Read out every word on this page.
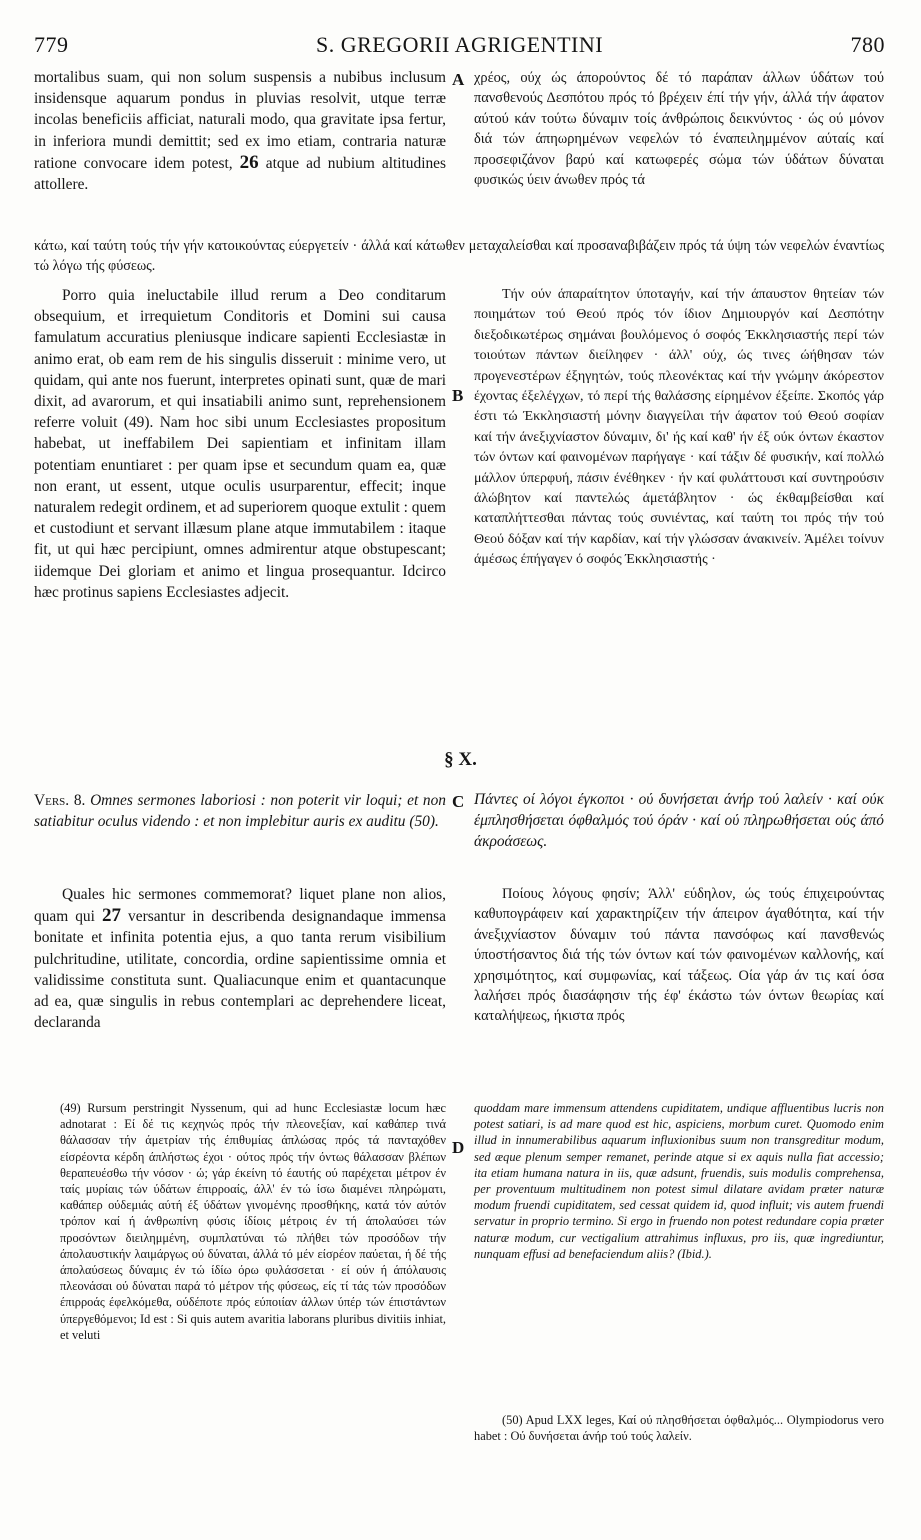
779	S. GREGORII AGRIGENTINI	780
A
B
C
D

mortalibus suam, qui non solum suspensis a nubibus inclusum insidensque aquarum pondus in pluvias resolvit, utque terræ incolas beneficiis afficiat, naturali modo, qua gravitate ipsa fertur, in inferiora mundi demittit; sed ex imo etiam, contraria naturæ ratione convocare idem potest, 26 atque ad nubium altitudines attollere.

χρέος, ούχ ώς άπορούντος δέ τό παράπαν άλλων ύδάτων τού πανσθενούς Δεσπότου πρός τό βρέχειν έπί τήν γήν, άλλά τήν άφατον αύτού κάν τούτω δύναμιν τοίς άνθρώποις δεικνύντος · ώς ού μόνον διά τών άπηωρημένων νεφελών τό έναπειλημμένον αύταίς καί προσεφιζάνον βαρύ καί κατωφερές σώμα τών ύδάτων δύναται φυσικώς ύειν άνωθεν πρός τά

κάτω, καί ταύτη τούς τήν γήν κατοικούντας εύεργετείν · άλλά καί κάτωθεν μεταχαλείσθαι καί προσαναβιβάζειν πρός τά ύψη τών νεφελών έναντίως τώ λόγω τής φύσεως.

Porro quia ineluctabile illud rerum a Deo conditarum obsequium, et irrequietum Conditoris et Domini sui causa famulatum accuratius pleniusque indicare sapienti Ecclesiastæ in animo erat, ob eam rem de his singulis disseruit : minime vero, ut quidam, qui ante nos fuerunt, interpretes opinati sunt, quæ de mari dixit, ad avarorum, et qui insatiabili animo sunt, reprehensionem referre voluit (49). Nam hoc sibi unum Ecclesiastes propositum habebat, ut ineffabilem Dei sapientiam et infinitam illam potentiam enuntiaret : per quam ipse et secundum quam ea, quæ non erant, ut essent, utque oculis usurparentur, effecit; inque naturalem redegit ordinem, et ad superiorem quoque extulit : quem et custodiunt et servant illæsum plane atque immutabilem : itaque fit, ut qui hæc percipiunt, omnes admirentur atque obstupescant; iidemque Dei gloriam et animo et lingua prosequantur. Idcirco hæc protinus sapiens Ecclesiastes adjecit.

Τήν ούν άπαραίτητον ύποταγήν, καί τήν άπαυστον θητείαν τών ποιημάτων τού Θεού πρός τόν ίδιον Δημιουργόν καί Δεσπότην διεξοδικωτέρως σημάναι βουλόμενος ό σοφός Έκκλησιαστής περί τών τοιούτων πάντων διείληφεν · άλλ' ούχ, ώς τινες ώήθησαν τών προγενεστέρων έξηγητών, τούς πλεονέκτας καί τήν γνώμην άκόρεστον έχοντας έξελέγχων, τό περί τής θαλάσσης είρημένον έξείπε. Σκοπός γάρ έστι τώ Έκκλησιαστή μόνην διαγγείλαι τήν άφατον τού Θεού σοφίαν καί τήν άνεξιχνίαστον δύναμιν, δι' ής καί καθ' ήν έξ ούκ όντων έκαστον τών όντων καί φαινομένων παρήγαγε · καί τάξιν δέ φυσικήν, καί πολλώ μάλλον ύπερφυή, πάσιν ένέθηκεν · ήν καί φυλάττουσι καί συντηρούσιν άλώβητον καί παντελώς άμετάβλητον · ώς έκθαμβείσθαι καί καταπλήττεσθαι πάντας τούς συνιέντας, καί ταύτη τοι πρός τήν τού Θεού δόξαν καί τήν καρδίαν, καί τήν γλώσσαν άνακινείν. Άμέλει τοίνυν άμέσως έπήγαγεν ό σοφός Έκκλησιαστής ·

§ X.

Vers. 8. Omnes sermones laboriosi : non poterit vir loqui; et non satiabitur oculus videndo : et non implebitur auris ex auditu (50).

Πάντες οί λόγοι έγκοποι · ού δυνήσεται άνήρ τού λαλείν · καί ούκ έμπλησθήσεται όφθαλμός τού όράν · καί ού πληρωθήσεται ούς άπό άκροάσεως.

Quales hic sermones commemorat? liquet plane non alios, quam qui 27 versantur in describenda designandaque immensa bonitate et infinita potentia ejus, a quo tanta rerum visibilium pulchritudine, utilitate, concordia, ordine sapientissime omnia et validissime constituta sunt. Qualiacunque enim et quantacunque ad ea, quæ singulis in rebus contemplari ac deprehendere liceat, declaranda

Ποίους λόγους φησίν; Άλλ' εύδηλον, ώς τούς έπιχειρούντας καθυπογράφειν καί χαρακτηρίζειν τήν άπειρον άγαθότητα, καί τήν άνεξιχνίαστον δύναμιν τού πάντα πανσόφως καί πανσθενώς ύποστήσαντος διά τής τών όντων καί τών φαινομένων καλλονής, καί χρησιμότητος, καί συμφωνίας, καί τάξεως. Οία γάρ άν τις καί όσα λαλήσει πρός διασάφησιν τής έφ' έκάστω τών όντων θεωρίας καί καταλήψεως, ήκιστα πρός

(49) Rursum perstringit Nyssenum, qui ad hunc Ecclesiastæ locum hæc adnotarat : Εί δέ τις κεχηνώς πρός τήν πλεονεξίαν, καί καθάπερ τινά θάλασσαν τήν άμετρίαν τής έπιθυμίας άπλώσας πρός τά πανταχόθεν είσρέοντα κέρδη άπλήστως έχοι · ούτος πρός τήν όντως θάλασσαν βλέπων θεραπευέσθω τήν νόσον · ώ; γάρ έκείνη τό έαυτής ού παρέχεται μέτρον έν ταίς μυρίαις τών ύδάτων έπιρροαίς, άλλ' έν τώ ίσω διαμένει πληρώματι, καθάπερ ούδεμιάς αύτή έξ ύδάτων γινομένης προσθήκης, κατά τόν αύτόν τρόπον καί ή άνθρωπίνη φύσις ίδίοις μέτροις έν τή άπολαύσει τών προσόντων διειλημμένη, συμπλατύναι τώ πλήθει τών προσόδων τήν άπολαυστικήν λαιμάργως ού δύναται, άλλά τό μέν είσρέον παύεται, ή δέ τής άπολαύσεως δύναμις έν τώ ίδίω όρω φυλάσσεται · εί ούν ή άπόλαυσις πλεονάσαι ού δύναται παρά τό μέτρον τής φύσεως, είς τί τάς τών προσόδων έπιρροάς έφελκόμεθα, ούδέποτε πρός εύποιίαν άλλων ύπέρ τών έπιστάντων ύπεργεθόμενοι; Id est : Si quis autem avaritia laborans pluribus divitiis inhiat, et veluti

quoddam mare immensum attendens cupiditatem, undique affluentibus lucris non potest satiari, is ad mare quod est hic, aspiciens, morbum curet. Quomodo enim illud in innumerabilibus aquarum influxionibus suum non transgreditur modum, sed æque plenum semper remanet, perinde atque si ex aquis nulla fiat accessio; ita etiam humana natura in iis, quæ adsunt, fruendis, suis modulis comprehensa, per proventuum multitudinem non potest simul dilatare avidam præter naturæ modum fruendi cupiditatem, sed cessat quidem id, quod influit; vis autem fruendi servatur in proprio termino. Si ergo in fruendo non potest redundare copia præter naturæ modum, cur vectigalium attrahimus influxus, pro iis, quæ ingrediuntur, nunquam effusi ad benefaciendum aliis? (Ibid.).

(50) Apud LXX leges, Καί ού πλησθήσεται όφθαλμός... Olympiodorus vero habet : Ού δυνήσεται άνήρ τού τούς λαλείν.
